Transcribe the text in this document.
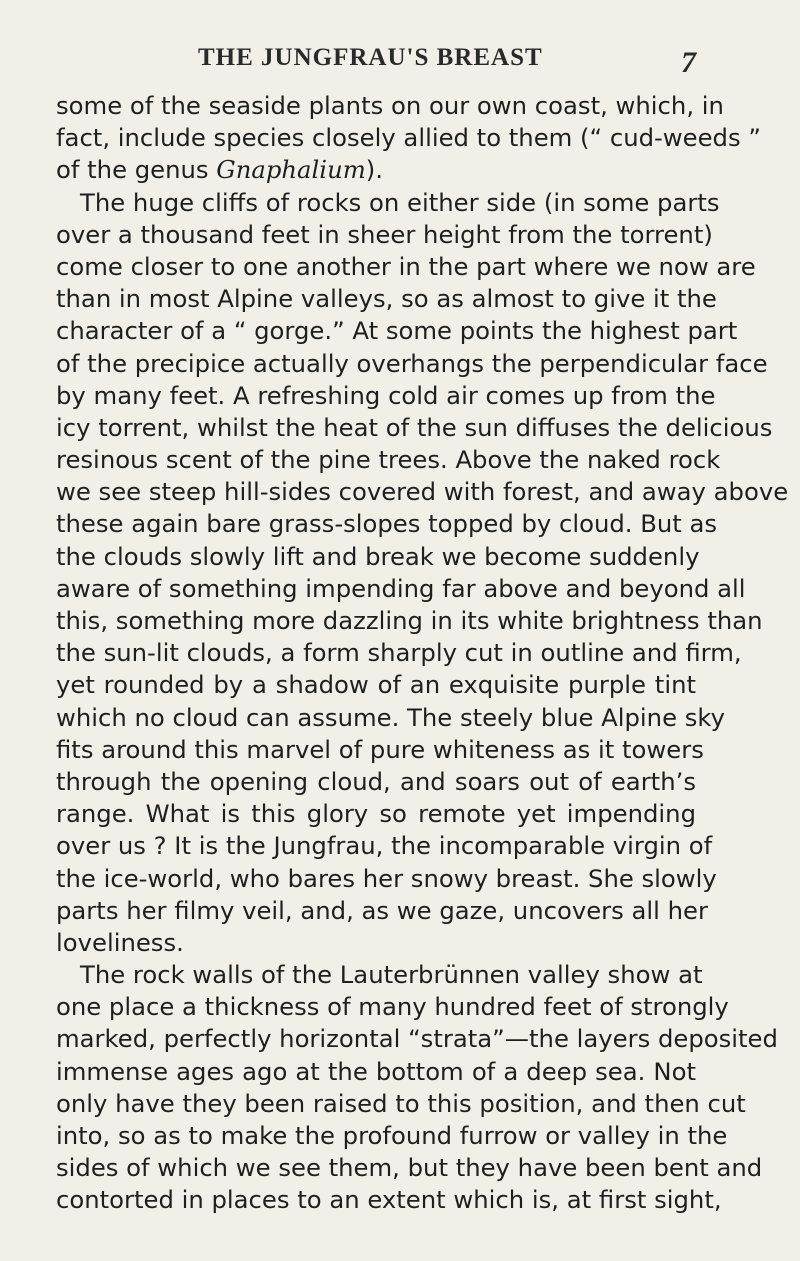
THE JUNGFRAU'S BREAST	7
some of the seaside plants on our own coast, which, in
fact, include species closely allied to them (“ cud-weeds ”
of the genus Gnaphalium).
The huge cliffs of rocks on either side (in some parts
over a thousand feet in sheer height from the torrent)
come closer to one another in the part where we now are
than in most Alpine valleys, so as almost to give it the
character of a “ gorge.” At some points the highest part
of the precipice actually overhangs the perpendicular face
by many feet. A refreshing cold air comes up from the
icy torrent, whilst the heat of the sun diffuses the delicious
resinous scent of the pine trees. Above the naked rock
we see steep hill-sides covered with forest, and away above
these again bare grass-slopes topped by cloud. But as
the clouds slowly lift and break we become suddenly
aware of something impending far above and beyond all
this, something more dazzling in its white brightness than
the sun-lit clouds, a form sharply cut in outline and firm,
yet rounded by a shadow of an exquisite purple tint
which no cloud can assume. The steely blue Alpine sky
fits around this marvel of pure whiteness as it towers
through the opening cloud, and soars out of earth’s
range. What is this glory so remote yet impending
over us ? It is the Jungfrau, the incomparable virgin of
the ice-world, who bares her snowy breast. She slowly
parts her filmy veil, and, as we gaze, uncovers all her
loveliness.
The rock walls of the Lauterbrünnen valley show at
one place a thickness of many hundred feet of strongly
marked, perfectly horizontal “strata”—the layers deposited
immense ages ago at the bottom of a deep sea. Not
only have they been raised to this position, and then cut
into, so as to make the profound furrow or valley in the
sides of which we see them, but they have been bent and
contorted in places to an extent which is, at first sight,
